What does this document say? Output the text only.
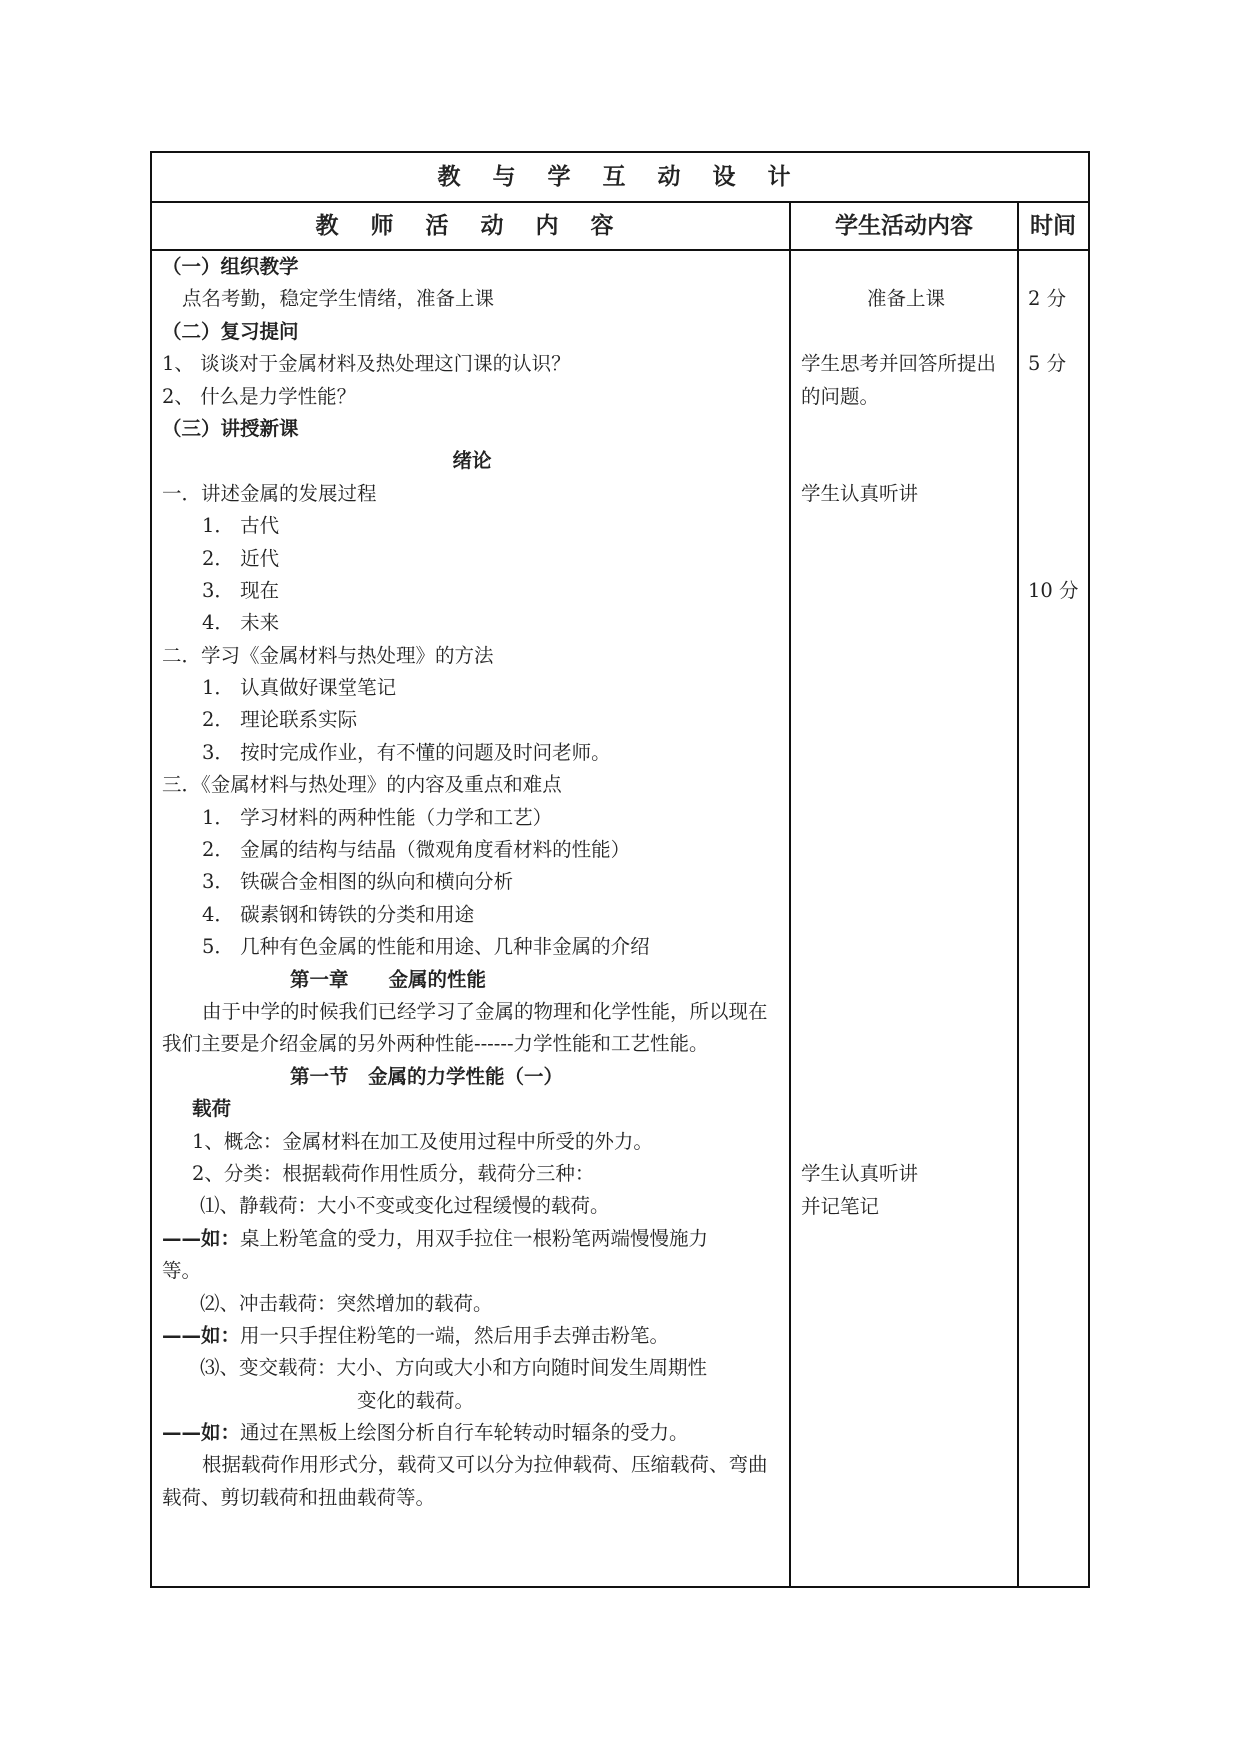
教 与 学 互 动 设 计
教 师 活 动 内 容	学生活动内容	时间
（一）组织教学
点名考勤，稳定学生情绪，准备上课
（二）复习提问
1、 谈谈对于金属材料及热处理这门课的认识？
2、 什么是力学性能？
（三）讲授新课
绪论
一．讲述金属的发展过程
1． 古代
2． 近代
3． 现在
4． 未来
二．学习《金属材料与热处理》的方法
1． 认真做好课堂笔记
2． 理论联系实际
3． 按时完成作业，有不懂的问题及时问老师。
三．《金属材料与热处理》的内容及重点和难点
1． 学习材料的两种性能（力学和工艺）
2． 金属的结构与结晶（微观角度看材料的性能）
3． 铁碳合金相图的纵向和横向分析
4． 碳素钢和铸铁的分类和用途
5． 几种有色金属的性能和用途、几种非金属的介绍
第一章 金属的性能
由于中学的时候我们已经学习了金属的物理和化学性能，所以现在我们主要是介绍金属的另外两种性能------力学性能和工艺性能。
第一节　金属的力学性能（一）
载荷
1、概念：金属材料在加工及使用过程中所受的外力。
2、分类：根据载荷作用性质分，载荷分三种：
⑴、静载荷：大小不变或变化过程缓慢的载荷。
——如：桌上粉笔盒的受力，用双手拉住一根粉笔两端慢慢施力
等。
⑵、冲击载荷：突然增加的载荷。
——如：用一只手捏住粉笔的一端，然后用手去弹击粉笔。
⑶、变交载荷：大小、方向或大小和方向随时间发生周期性
变化的载荷。
——如：通过在黑板上绘图分析自行车轮转动时辐条的受力。
根据载荷作用形式分，载荷又可以分为拉伸载荷、压缩载荷、弯曲载荷、剪切载荷和扭曲载荷等。
准备上课
学生思考并回答所提出的问题。
学生认真听讲
学生认真听讲
并记笔记
2 分
5 分
10 分
